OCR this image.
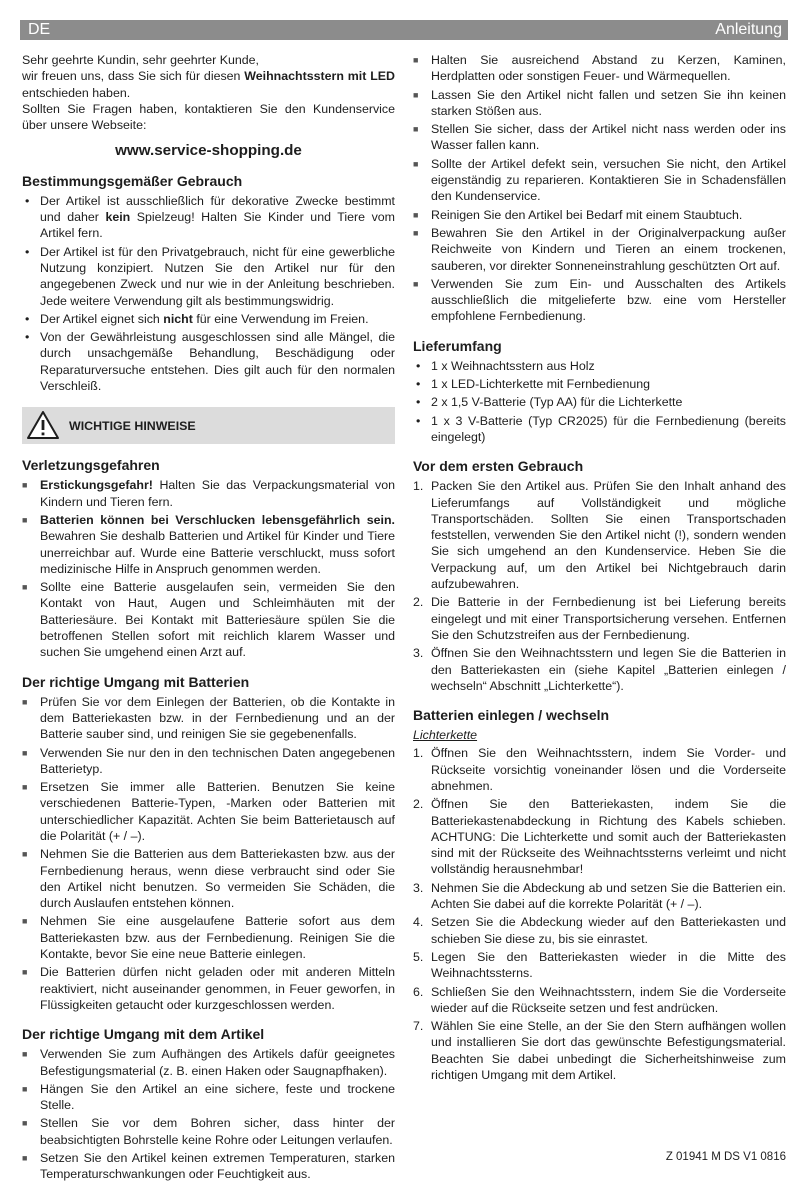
DE	Anleitung

Sehr geehrte Kundin, sehr geehrter Kunde,

wir freuen uns, dass Sie sich für diesen Weihnachtsstern mit LED entschieden haben.

Sollten Sie Fragen haben, kontaktieren Sie den Kundenservice über unsere Webseite:

www.service-shopping.de

Bestimmungsgemäßer Gebrauch
• Der Artikel ist ausschließlich für dekorative Zwecke bestimmt und daher kein Spielzeug! Halten Sie Kinder und Tiere vom Artikel fern.
• Der Artikel ist für den Privatgebrauch, nicht für eine gewerbliche Nutzung konzipiert. Nutzen Sie den Artikel nur für den angegebenen Zweck und nur wie in der Anleitung beschrieben. Jede weitere Verwendung gilt als bestimmungswidrig.
• Der Artikel eignet sich nicht für eine Verwendung im Freien.
• Von der Gewährleistung ausgeschlossen sind alle Mängel, die durch unsachgemäße Behandlung, Beschädigung oder Reparaturversuche entstehen. Dies gilt auch für den normalen Verschleiß.
WICHTIGE HINWEISE
Verletzungsgefahren
■ Erstickungsgefahr! Halten Sie das Verpackungsmaterial von Kindern und Tieren fern.
■ Batterien können bei Verschlucken lebensgefährlich sein. Bewahren Sie deshalb Batterien und Artikel für Kinder und Tiere unerreichbar auf. Wurde eine Batterie verschluckt, muss sofort medizinische Hilfe in Anspruch genommen werden.
■ Sollte eine Batterie ausgelaufen sein, vermeiden Sie den Kontakt von Haut, Augen und Schleimhäuten mit der Batteriesäure. Bei Kontakt mit Batteriesäure spülen Sie die betroffenen Stellen sofort mit reichlich klarem Wasser und suchen Sie umgehend einen Arzt auf.
Der richtige Umgang mit Batterien
■ Prüfen Sie vor dem Einlegen der Batterien, ob die Kontakte in dem Batteriekasten bzw. in der Fernbedienung und an der Batterie sauber sind, und reinigen Sie sie gegebenenfalls.
■ Verwenden Sie nur den in den technischen Daten angegebenen Batterietyp.
■ Ersetzen Sie immer alle Batterien. Benutzen Sie keine verschiedenen Batterie-Typen, -Marken oder Batterien mit unterschiedlicher Kapazität. Achten Sie beim Batterietausch auf die Polarität (+ / –).
■ Nehmen Sie die Batterien aus dem Batteriekasten bzw. aus der Fernbedienung heraus, wenn diese verbraucht sind oder Sie den Artikel nicht benutzen. So vermeiden Sie Schäden, die durch Auslaufen entstehen können.
■ Nehmen Sie eine ausgelaufene Batterie sofort aus dem Batteriekasten bzw. aus der Fernbedienung. Reinigen Sie die Kontakte, bevor Sie eine neue Batterie einlegen.
■ Die Batterien dürfen nicht geladen oder mit anderen Mitteln reaktiviert, nicht auseinander genommen, in Feuer geworfen, in Flüssigkeiten getaucht oder kurzgeschlossen werden.
Der richtige Umgang mit dem Artikel
■ Verwenden Sie zum Aufhängen des Artikels dafür geeignetes Befestigungsmaterial (z. B. einen Haken oder Saugnapfhaken).
■ Hängen Sie den Artikel an eine sichere, feste und trockene Stelle.
■ Stellen Sie vor dem Bohren sicher, dass hinter der beabsichtigten Bohrstelle keine Rohre oder Leitungen verlaufen.
■ Setzen Sie den Artikel keinen extremen Temperaturen, starken Temperaturschwankungen oder Feuchtigkeit aus.
■ Halten Sie ausreichend Abstand zu Kerzen, Kaminen, Herdplatten oder sonstigen Feuer- und Wärmequellen.
■ Lassen Sie den Artikel nicht fallen und setzen Sie ihn keinen starken Stößen aus.
■ Stellen Sie sicher, dass der Artikel nicht nass werden oder ins Wasser fallen kann.
■ Sollte der Artikel defekt sein, versuchen Sie nicht, den Artikel eigenständig zu reparieren. Kontaktieren Sie in Schadensfällen den Kundenservice.
■ Reinigen Sie den Artikel bei Bedarf mit einem Staubtuch.
■ Bewahren Sie den Artikel in der Originalverpackung außer Reichweite von Kindern und Tieren an einem trockenen, sauberen, vor direkter Sonneneinstrahlung geschützten Ort auf.
■ Verwenden Sie zum Ein- und Ausschalten des Artikels ausschließlich die mitgelieferte bzw. eine vom Hersteller empfohlene Fernbedienung.
Lieferumfang
• 1 x Weihnachtsstern aus Holz
• 1 x LED-Lichterkette mit Fernbedienung
• 2 x 1,5 V-Batterie (Typ AA) für die Lichterkette
• 1 x 3 V-Batterie (Typ CR2025) für die Fernbedienung (bereits eingelegt)
Vor dem ersten Gebrauch
1. Packen Sie den Artikel aus. Prüfen Sie den Inhalt anhand des Lieferumfangs auf Vollständigkeit und mögliche Transportschäden. Sollten Sie einen Transportschaden feststellen, verwenden Sie den Artikel nicht (!), sondern wenden Sie sich umgehend an den Kundenservice. Heben Sie die Verpackung auf, um den Artikel bei Nichtgebrauch darin aufzubewahren.
2. Die Batterie in der Fernbedienung ist bei Lieferung bereits eingelegt und mit einer Transportsicherung versehen. Entfernen Sie den Schutzstreifen aus der Fernbedienung.
3. Öffnen Sie den Weihnachtsstern und legen Sie die Batterien in den Batteriekasten ein (siehe Kapitel „Batterien einlegen / wechseln“ Abschnitt „Lichterkette“).
Batterien einlegen / wechseln

Lichterkette

1. Öffnen Sie den Weihnachtsstern, indem Sie Vorder- und Rückseite vorsichtig voneinander lösen und die Vorderseite abnehmen.
2. Öffnen Sie den Batteriekasten, indem Sie die Batteriekastenabdeckung in Richtung des Kabels schieben. ACHTUNG: Die Lichterkette und somit auch der Batteriekasten sind mit der Rückseite des Weihnachtssterns verleimt und nicht vollständig herausnehmbar!
3. Nehmen Sie die Abdeckung ab und setzen Sie die Batterien ein. Achten Sie dabei auf die korrekte Polarität (+ / –).
4. Setzen Sie die Abdeckung wieder auf den Batteriekasten und schieben Sie diese zu, bis sie einrastet.
5. Legen Sie den Batteriekasten wieder in die Mitte des Weihnachtssterns.
6. Schließen Sie den Weihnachtsstern, indem Sie die Vorderseite wieder auf die Rückseite setzen und fest andrücken.
7. Wählen Sie eine Stelle, an der Sie den Stern aufhängen wollen und installieren Sie dort das gewünschte Befestigungsmaterial. Beachten Sie dabei unbedingt die Sicherheitshinweise zum richtigen Umgang mit dem Artikel.
Z 01941 M DS V1 0816
